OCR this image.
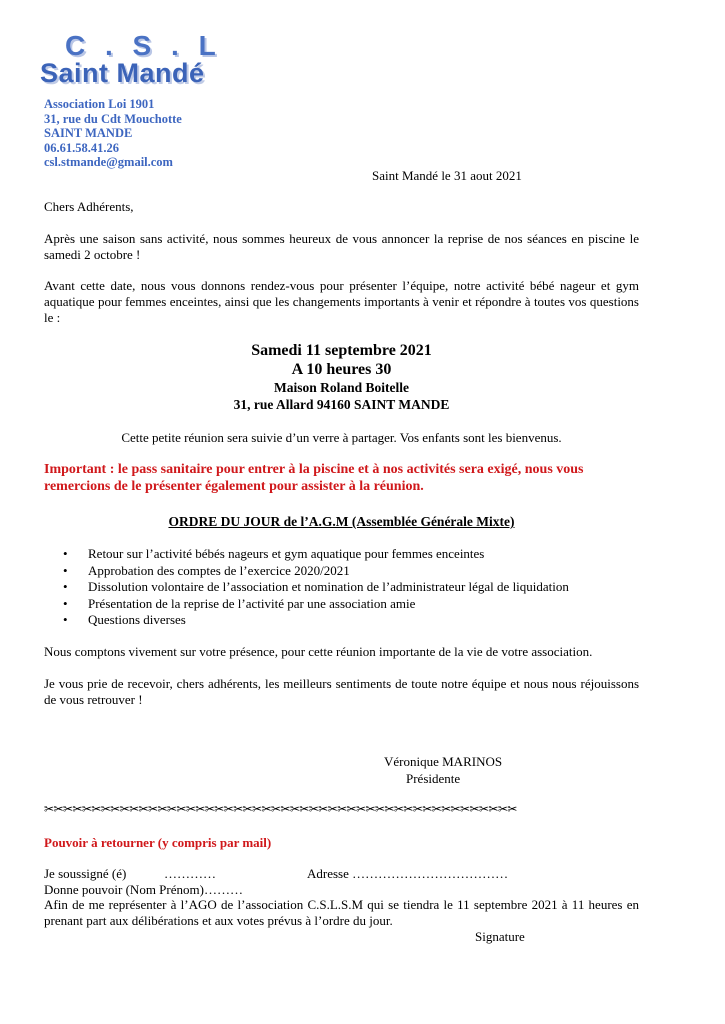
C . S . L
Saint Mandé
Association Loi 1901
31, rue du Cdt Mouchotte
SAINT MANDE
06.61.58.41.26
csl.stmande@gmail.com
Saint Mandé le 31 aout 2021
Chers Adhérents,
Après une saison sans activité, nous sommes heureux de vous annoncer la reprise de nos séances en piscine le samedi 2 octobre !
Avant cette date, nous vous donnons rendez-vous pour présenter l’équipe, notre activité bébé nageur et gym aquatique pour femmes enceintes, ainsi que les changements importants à venir et répondre à toutes vos questions le :
Samedi 11 septembre 2021
A 10 heures 30
Maison Roland Boitelle
31, rue Allard 94160 SAINT MANDE
Cette petite réunion sera suivie d’un verre à partager. Vos enfants sont les bienvenus.
Important : le pass sanitaire pour entrer à la piscine et à nos activités sera exigé, nous vous remercions de le présenter également pour assister à la réunion.
ORDRE DU JOUR de l’A.G.M (Assemblée Générale Mixte)
• Retour sur l’activité bébés nageurs et gym aquatique pour femmes enceintes
• Approbation des comptes de l’exercice 2020/2021
• Dissolution volontaire de l’association et nomination de l’administrateur légal de liquidation
• Présentation de la reprise de l’activité par une association amie
• Questions diverses
Nous comptons vivement sur votre présence, pour cette réunion importante de la vie de votre association.
Je vous prie de recevoir, chers adhérents, les meilleurs sentiments de toute notre équipe et nous nous réjouissons de vous retrouver !
Véronique MARINOS
Présidente
✂✂✂✂✂✂✂✂✂✂✂✂✂✂✂✂✂✂✂✂✂✂✂✂✂✂✂✂✂✂✂✂✂✂✂✂✂✂✂✂✂✂✂✂✂✂✂✂✂✂
Pouvoir à retourner (y compris par mail)
Je soussigné (é)	…………	Adresse ………………………………
Donne pouvoir (Nom Prénom)………
Afin de me représenter à l’AGO de l’association C.S.L.S.M qui se tiendra le 11 septembre 2021 à 11 heures en prenant part aux délibérations et aux votes prévus à l’ordre du jour.
Signature
